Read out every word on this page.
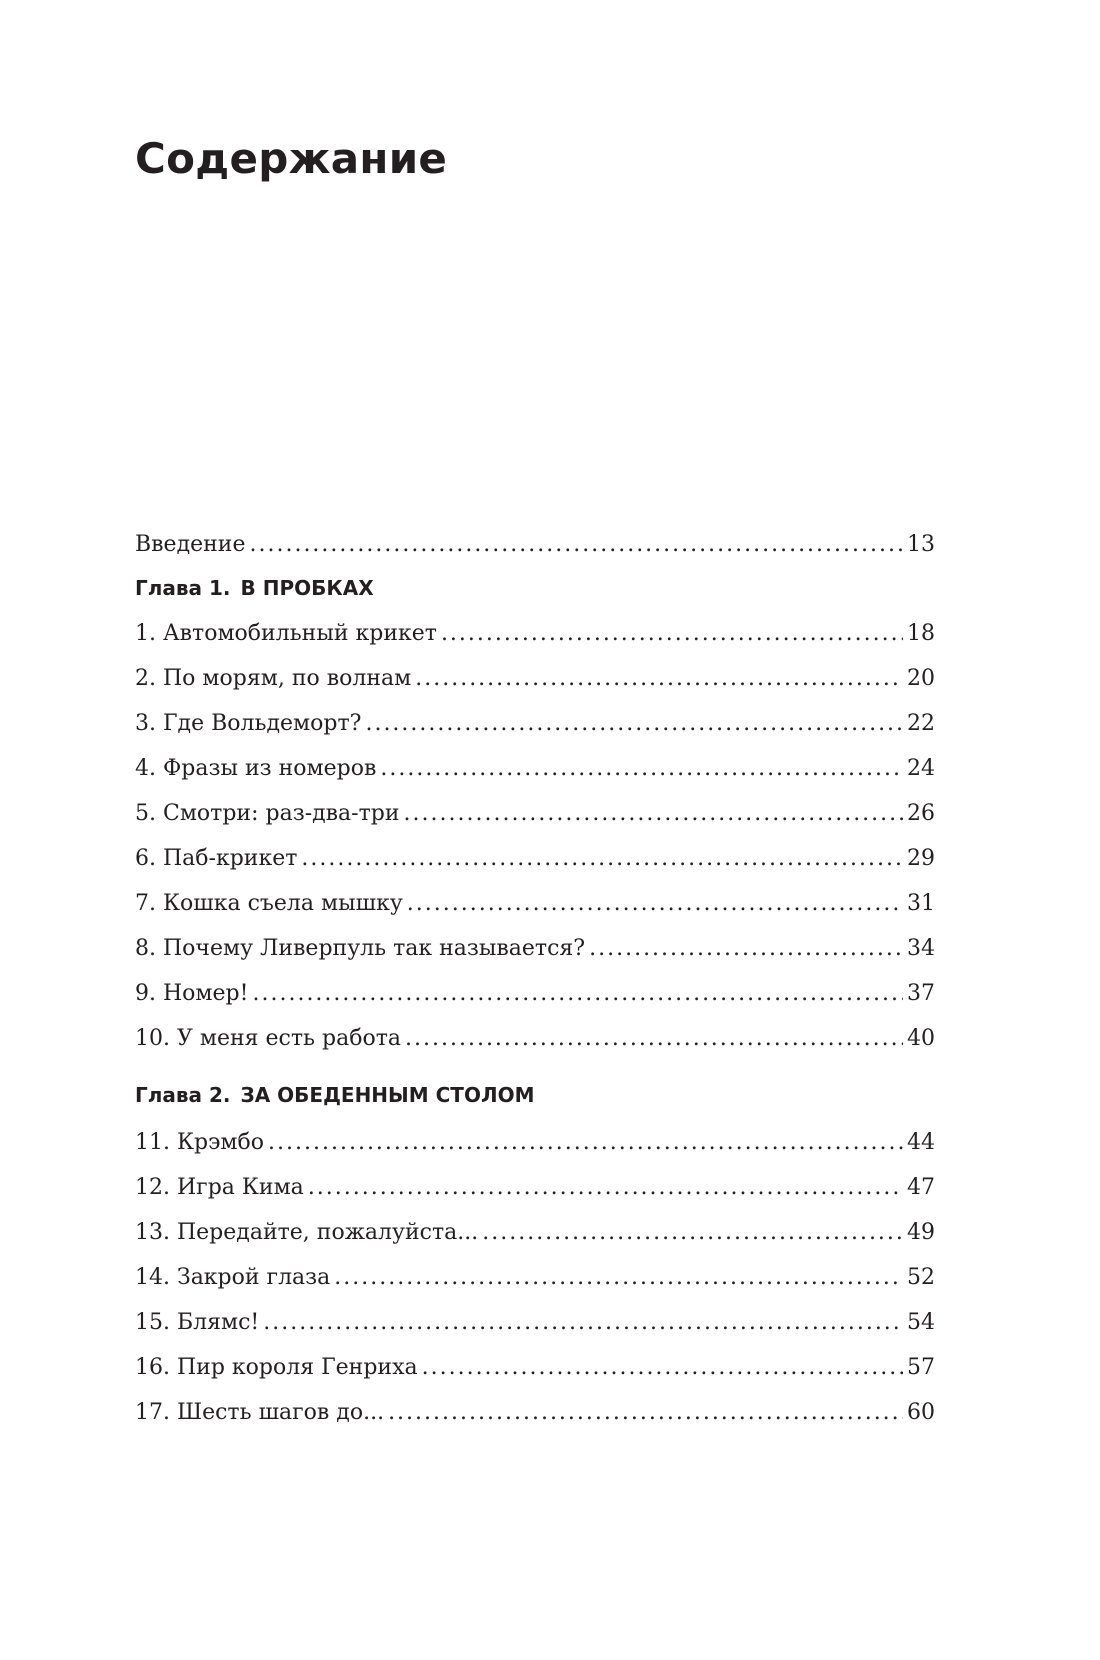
Содержание
Введение .....	13
Глава 1. В ПРОБКАХ
1. Автомобильный крикет .....	18
2. По морям, по волнам .....	20
3. Где Вольдеморт? .....	22
4. Фразы из номеров .....	24
5. Смотри: раз-два-три .....	26
6. Паб-крикет .....	29
7. Кошка съела мышку .....	31
8. Почему Ливерпуль так называется? .....	34
9. Номер! .....	37
10. У меня есть работа .....	40
Глава 2. ЗА ОБЕДЕННЫМ СТОЛОМ
11. Крэмбо .....	44
12. Игра Кима .....	47
13. Передайте, пожалуйста... .....	49
14. Закрой глаза .....	52
15. Блямс! .....	54
16. Пир короля Генриха .....	57
17. Шесть шагов до... .....	60
